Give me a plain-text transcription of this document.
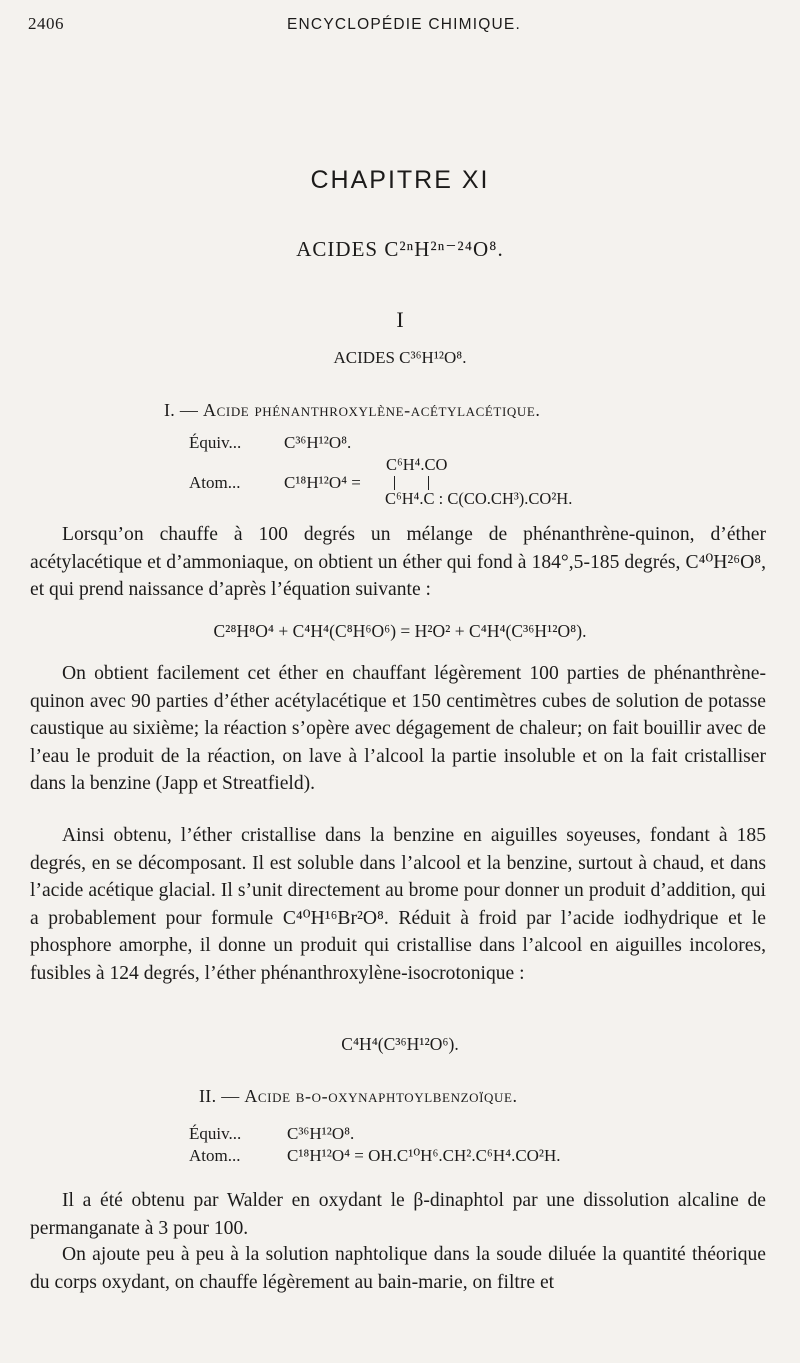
2406	ENCYCLOPÉDIE CHIMIQUE.
CHAPITRE XI
ACIDES C²ⁿH²ⁿ⁻²⁴O⁸.
I
ACIDES C³⁶H¹²O⁸.
I. — Acide phénanthroxylène-acétylacétique.
Équiv...	C³⁶H¹²O⁸.
C⁶H⁴.CO
Atom...	C¹⁸H¹²O⁴ =
C⁶H⁴.C : C(CO.CH³).CO²H.
Lorsqu’on chauffe à 100 degrés un mélange de phénanthrène-quinon, d’éther acétylacétique et d’ammoniaque, on obtient un éther qui fond à 184°,5-185 degrés, C⁴⁰H²⁶O⁸, et qui prend naissance d’après l’équation suivante :
C²⁸H⁸O⁴ + C⁴H⁴(C⁸H⁶O⁶) = H²O² + C⁴H⁴(C³⁶H¹²O⁸).
On obtient facilement cet éther en chauffant légèrement 100 parties de phénanthrène-quinon avec 90 parties d’éther acétylacétique et 150 centimètres cubes de solution de potasse caustique au sixième; la réaction s’opère avec dégagement de chaleur; on fait bouillir avec de l’eau le produit de la réaction, on lave à l’alcool la partie insoluble et on la fait cristalliser dans la benzine (Japp et Streatfield).
Ainsi obtenu, l’éther cristallise dans la benzine en aiguilles soyeuses, fondant à 185 degrés, en se décomposant. Il est soluble dans l’alcool et la benzine, surtout à chaud, et dans l’acide acétique glacial. Il s’unit directement au brome pour donner un produit d’addition, qui a probablement pour formule C⁴⁰H¹⁶Br²O⁸. Réduit à froid par l’acide iodhydrique et le phosphore amorphe, il donne un produit qui cristallise dans l’alcool en aiguilles incolores, fusibles à 124 degrés, l’éther phénanthroxylène-isocrotonique :
C⁴H⁴(C³⁶H¹²O⁶).
II. — Acide β-o-oxynaphtoylbenzoïque.
Équiv...	C³⁶H¹²O⁸.
Atom...	C¹⁸H¹²O⁴ = OH.C¹⁰H⁶.CH².C⁶H⁴.CO²H.
Il a été obtenu par Walder en oxydant le β-dinaphtol par une dissolution alcaline de permanganate à 3 pour 100.
On ajoute peu à peu à la solution naphtolique dans la soude diluée la quantité théorique du corps oxydant, on chauffe légèrement au bain-marie, on filtre et
